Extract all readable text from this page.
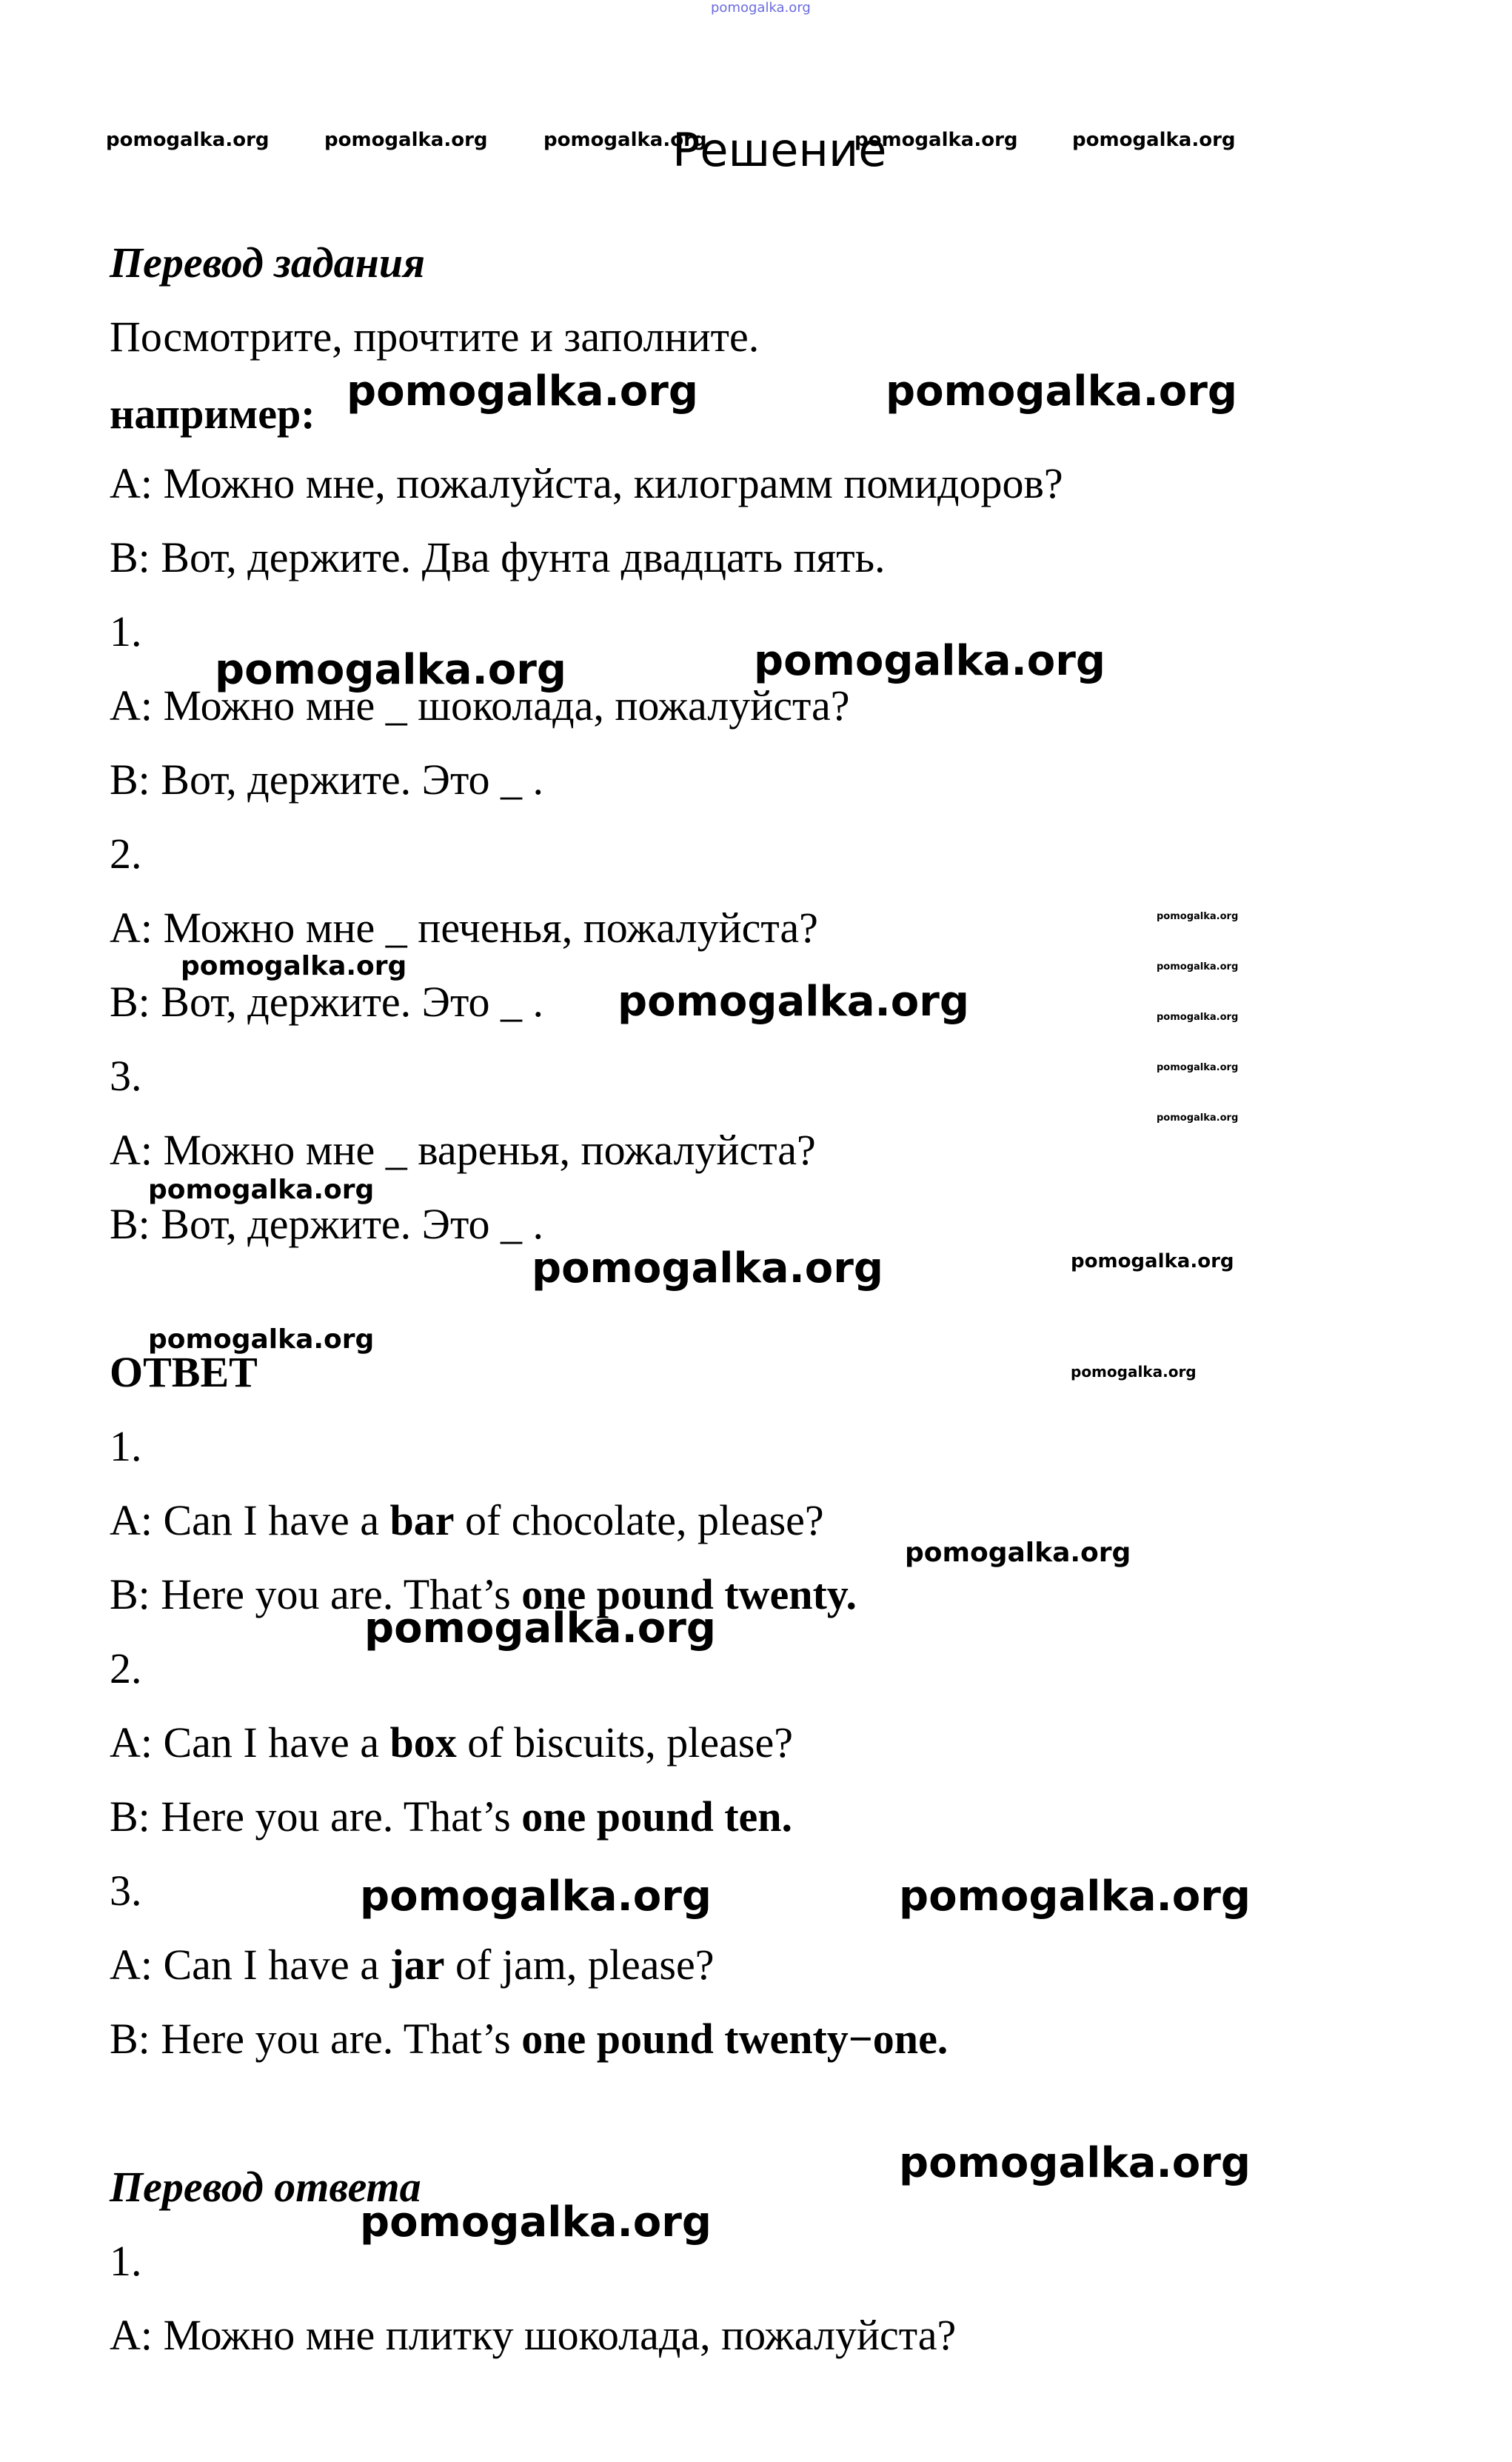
pomogalka.org
pomogalka.org	pomogalka.org	pomogalka.org	pomogalka.org	pomogalka.org
Решение
Перевод задания
Посмотрите, прочтите и заполните.
например: pomogalka.org	pomogalka.org
A: Можно мне, пожалуйста, килограмм помидоров?
B: Вот, держите. Два фунта двадцать пять.
1.
A: Можно мне _ шоколада, пожалуйста?
pomogalka.org	pomogalka.org
B: Вот, держите. Это _ .
2.
A: Можно мне _ печенья, пожалуйста?
pomogalka.org
B: Вот, держите. Это _ . pomogalka.org
pomogalka.org
pomogalka.org
pomogalka.org
pomogalka.org
pomogalka.org
3.
A: Можно мне _ варенья, пожалуйста?
pomogalka.org
B: Вот, держите. Это _ .
pomogalka.org	pomogalka.org
pomogalka.org
ОТВЕТ	pomogalka.org
1.
A: Can I have a bar of chocolate, please?
pomogalka.org
B: Here you are. That’s one pound twenty.
pomogalka.org
2.
A: Can I have a box of biscuits, please?
B: Here you are. That’s one pound ten.
3.	pomogalka.org	pomogalka.org
A: Can I have a jar of jam, please?
B: Here you are. That’s one pound twenty−one.
pomogalka.org
Перевод ответа
pomogalka.org
1.
A: Можно мне плитку шоколада, пожалуйста?
